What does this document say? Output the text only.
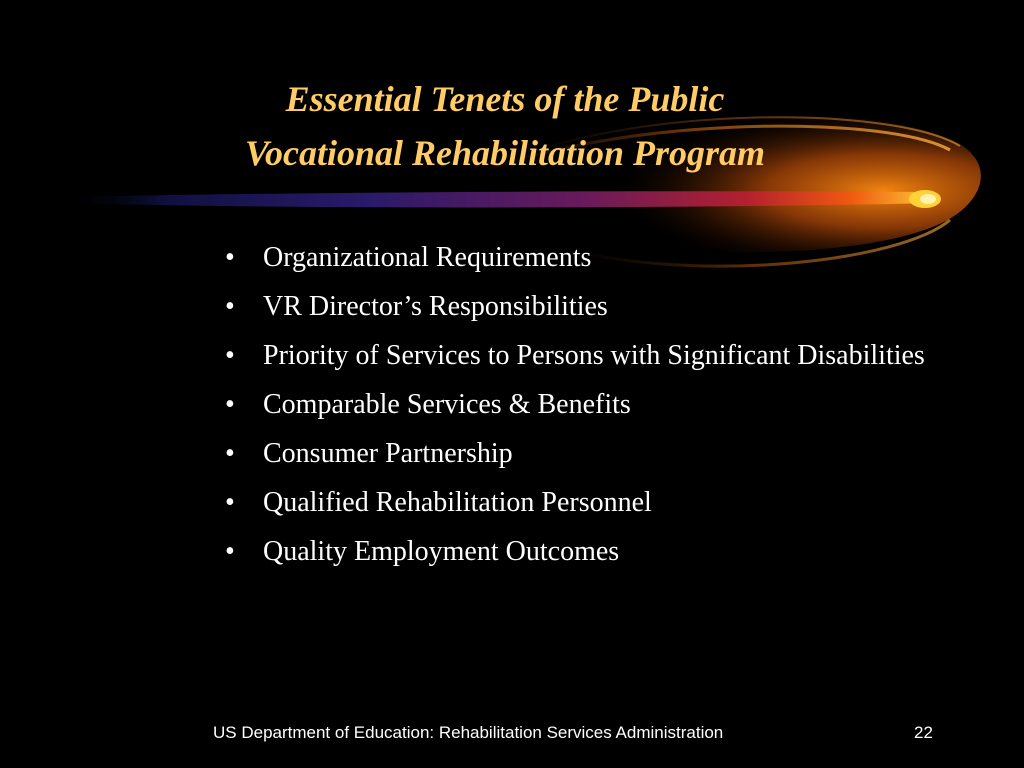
Essential Tenets of the Public
Vocational Rehabilitation Program
• Organizational Requirements
• VR Director’s Responsibilities
• Priority of Services to Persons with Significant Disabilities
• Comparable Services & Benefits
• Consumer Partnership
• Qualified Rehabilitation Personnel
• Quality Employment Outcomes
US Department of Education: Rehabilitation Services Administration	22
